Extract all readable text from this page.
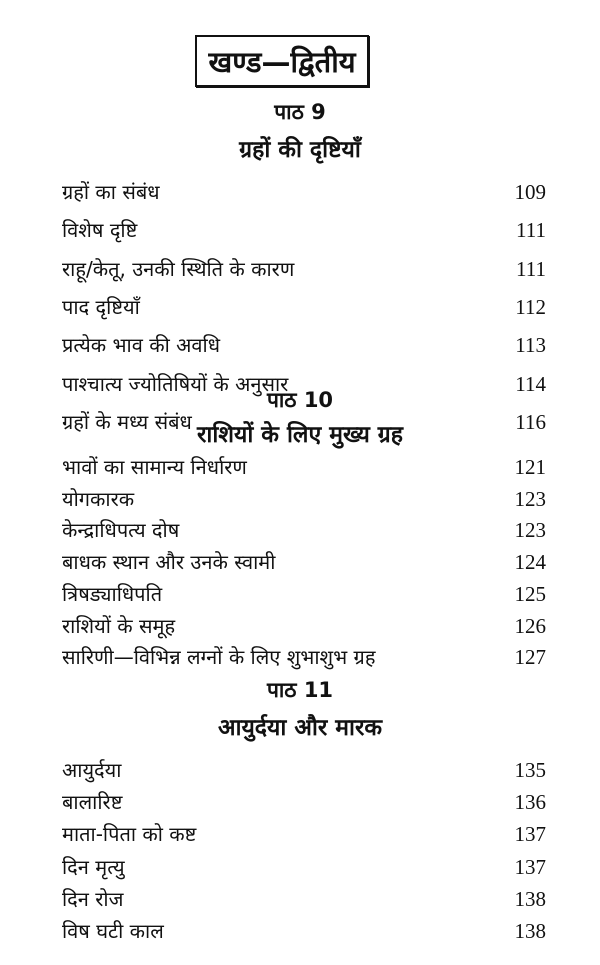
खण्ड—द्वितीय
पाठ 9
ग्रहों की दृष्टियाँ
ग्रहों का संबंध	109
विशेष दृष्टि	111
राहू/केतू, उनकी स्थिति के कारण	111
पाद दृष्टियाँ	112
प्रत्येक भाव की अवधि	113
पाश्चात्य ज्योतिषियों के अनुसार	114
ग्रहों के मध्य संबंध	116
पाठ 10
राशियों के लिए मुख्य ग्रह
भावों का सामान्य निर्धारण	121
योगकारक	123
केन्द्राधिपत्य दोष	123
बाधक स्थान और उनके स्वामी	124
त्रिषड्याधिपति	125
राशियों के समूह	126
सारिणी—विभिन्न लग्नों के लिए शुभाशुभ ग्रह	127
पाठ 11
आयुर्दया और मारक
आयुर्दया	135
बालारिष्ट	136
माता-पिता को कष्ट	137
दिन मृत्यु	137
दिन रोज	138
विष घटी काल	138
